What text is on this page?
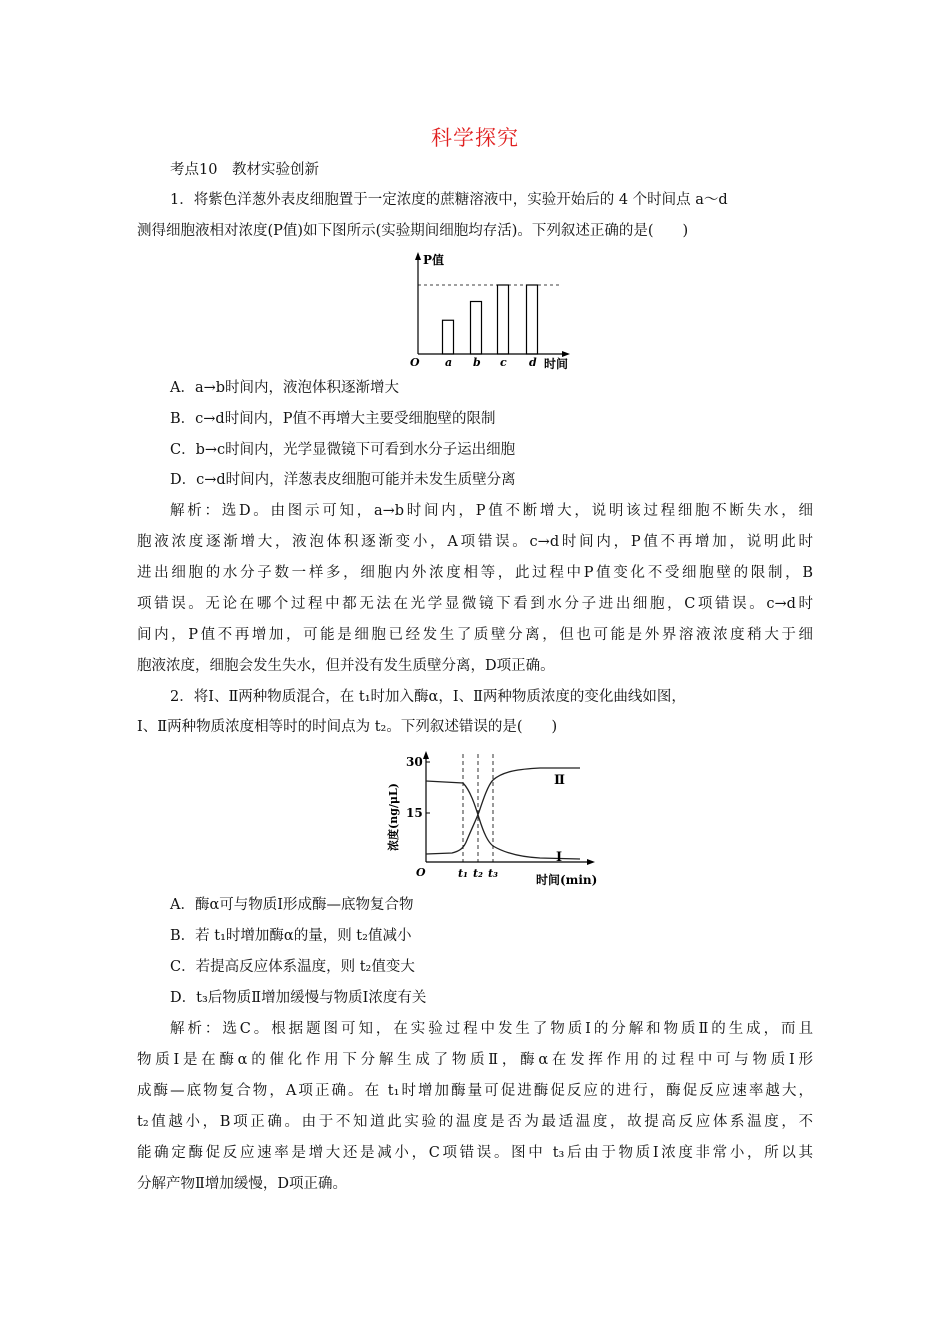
科学探究
考点10　教材实验创新
1．将紫色洋葱外表皮细胞置于一定浓度的蔗糖溶液中，实验开始后的 4 个时间点 a～d
测得细胞液相对浓度(P值)如下图所示(实验期间细胞均存活)。下列叙述正确的是(　　)
a b c d
P值
O	时间
A．a→b时间内，液泡体积逐渐增大
B．c→d时间内，P值不再增大主要受细胞壁的限制
C．b→c时间内，光学显微镜下可看到水分子运出细胞
D．c→d时间内，洋葱表皮细胞可能并未发生质壁分离
解析：选D。由图示可知，a→b时间内，P值不断增大，说明该过程细胞不断失水，细
胞液浓度逐渐增大，液泡体积逐渐变小，A项错误。c→d时间内，P值不再增加，说明此时
进出细胞的水分子数一样多，细胞内外浓度相等，此过程中P值变化不受细胞壁的限制，B
项错误。无论在哪个过程中都无法在光学显微镜下看到水分子进出细胞，C项错误。c→d时
间内，P值不再增加，可能是细胞已经发生了质壁分离，但也可能是外界溶液浓度稍大于细
胞液浓度，细胞会发生失水，但并没有发生质壁分离，D项正确。
2．将Ⅰ、Ⅱ两种物质混合，在 t₁时加入酶α，Ⅰ、Ⅱ两种物质浓度的变化曲线如图，
Ⅰ、Ⅱ两种物质浓度相等时的时间点为 t₂。下列叙述错误的是(　　)
30
15
浓度(ng/μL)
Ⅱ
Ⅰ
O	t₁ t₂ t₃	时间(min)
A．酶α可与物质Ⅰ形成酶—底物复合物
B．若 t₁时增加酶α的量，则 t₂值减小
C．若提高反应体系温度，则 t₂值变大
D．t₃后物质Ⅱ增加缓慢与物质Ⅰ浓度有关
解析：选C。根据题图可知，在实验过程中发生了物质Ⅰ的分解和物质Ⅱ的生成，而且
物质Ⅰ是在酶α的催化作用下分解生成了物质Ⅱ，酶α在发挥作用的过程中可与物质Ⅰ形
成酶—底物复合物，A项正确。在 t₁时增加酶量可促进酶促反应的进行，酶促反应速率越大，
t₂值越小，B项正确。由于不知道此实验的温度是否为最适温度，故提高反应体系温度，不
能确定酶促反应速率是增大还是减小，C项错误。图中 t₃后由于物质Ⅰ浓度非常小，所以其
分解产物Ⅱ增加缓慢，D项正确。
